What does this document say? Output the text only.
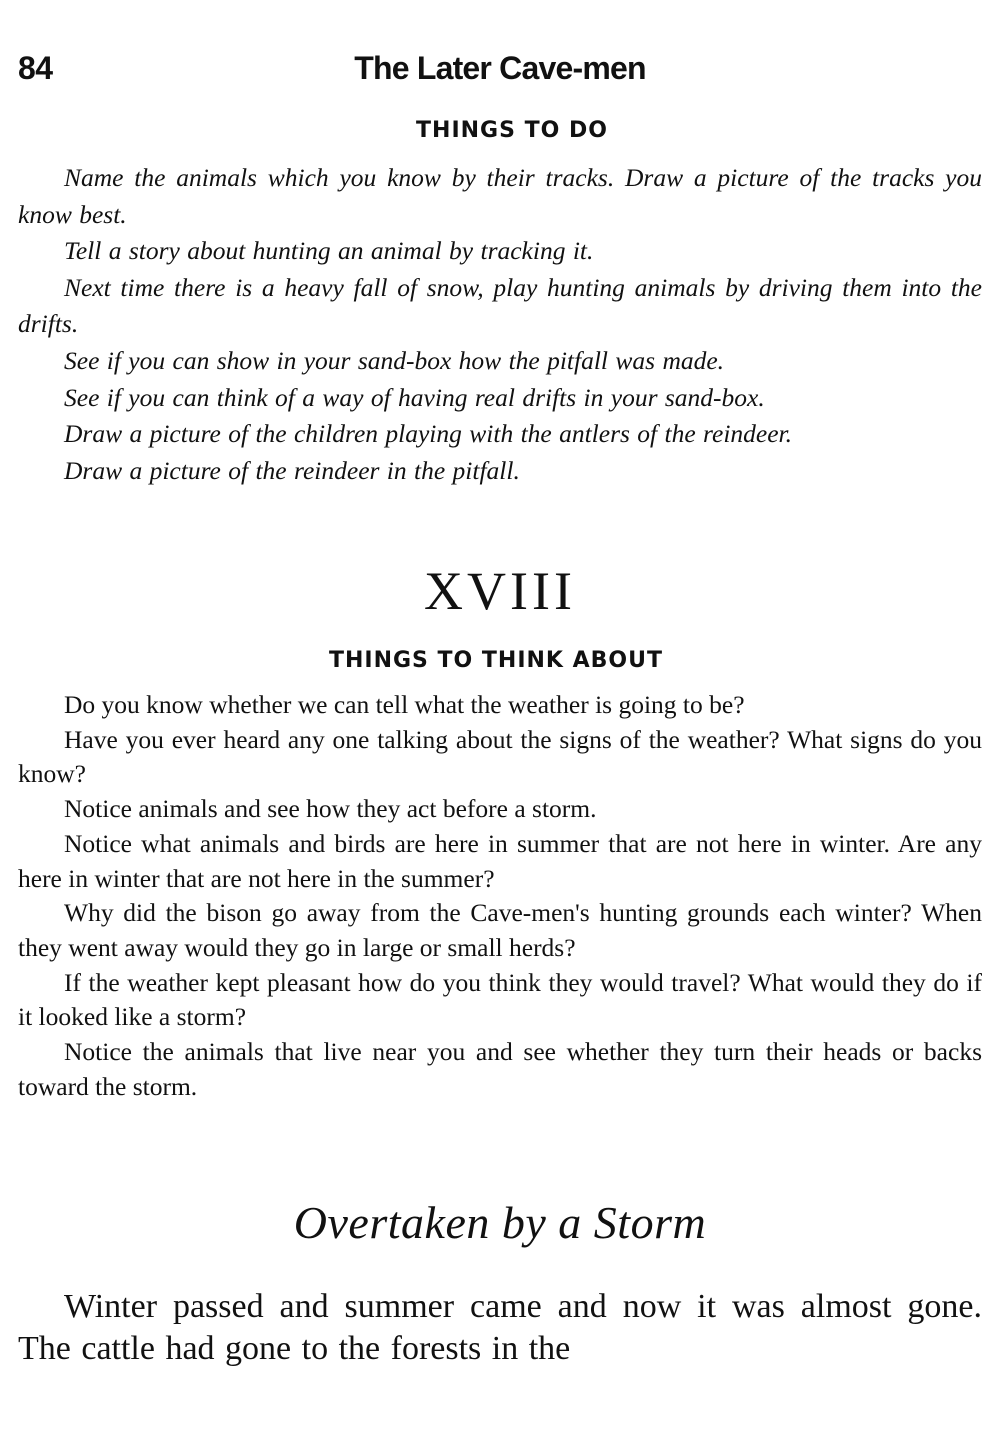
84	The Later Cave-men
THINGS TO DO

Name the animals which you know by their tracks. Draw a picture of the tracks you know best.

Tell a story about hunting an animal by tracking it.

Next time there is a heavy fall of snow, play hunting animals by driving them into the drifts.

See if you can show in your sand-box how the pitfall was made.

See if you can think of a way of having real drifts in your sand-box.

Draw a picture of the children playing with the antlers of the reindeer.

Draw a picture of the reindeer in the pitfall.

XVIII
THINGS TO THINK ABOUT

Do you know whether we can tell what the weather is going to be?

Have you ever heard any one talking about the signs of the weather? What signs do you know?

Notice animals and see how they act before a storm.

Notice what animals and birds are here in summer that are not here in winter. Are any here in winter that are not here in the summer?

Why did the bison go away from the Cave-men's hunting grounds each winter? When they went away would they go in large or small herds?

If the weather kept pleasant how do you think they would travel? What would they do if it looked like a storm?

Notice the animals that live near you and see whether they turn their heads or backs toward the storm.

Overtaken by a Storm

Winter passed and summer came and now it was almost gone. The cattle had gone to the forests in the
